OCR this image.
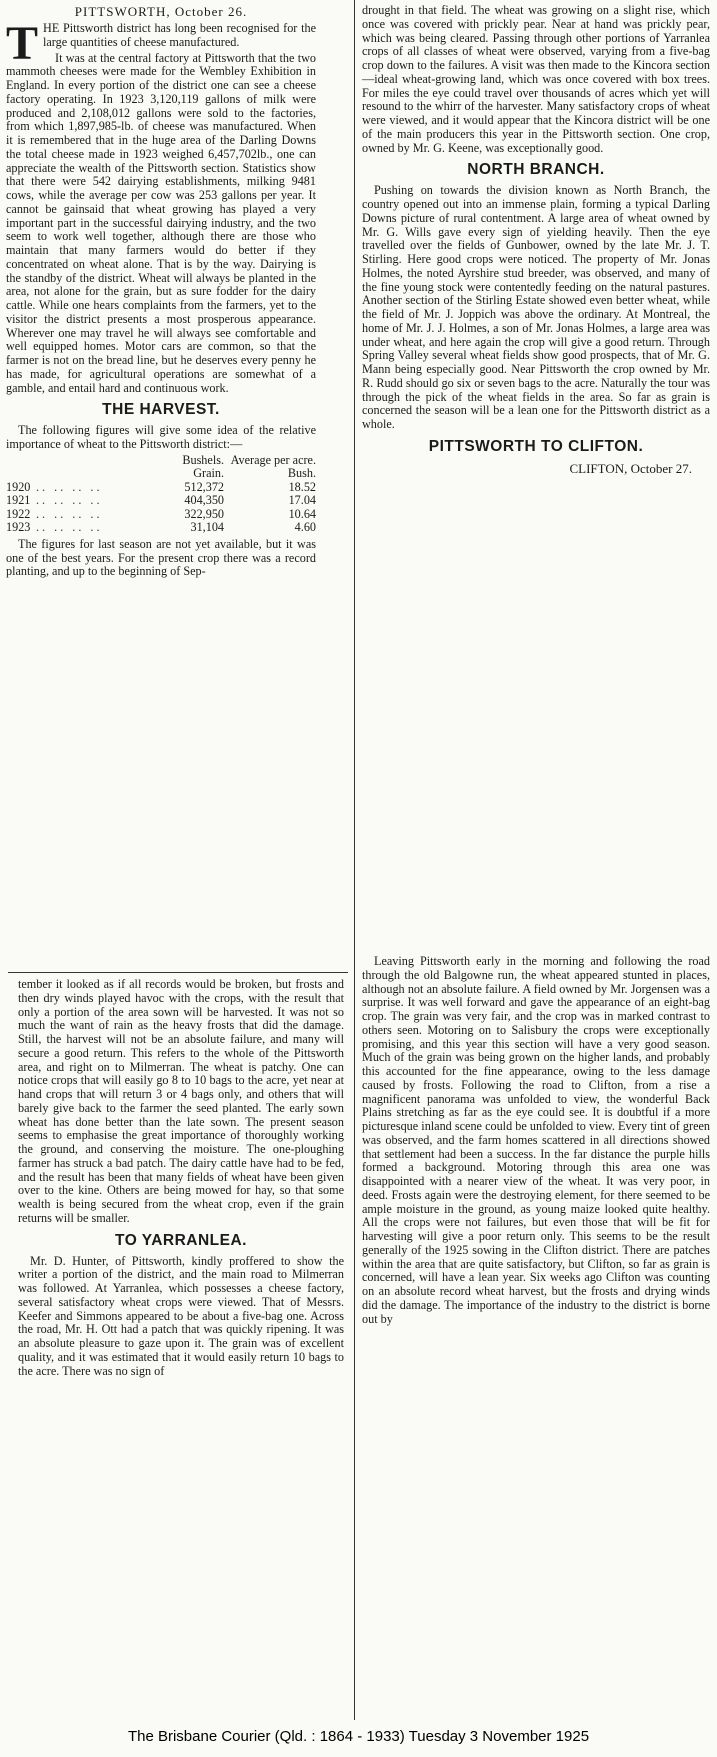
PITTSWORTH, October 26.
T HE Pittsworth district has long been recognised for the large quantities of cheese manufactured.

It was at the central factory at Pittsworth that the two mammoth cheeses were made for the Wembley Exhibition in England. In every portion of the district one can see a cheese factory operating. In 1923 3,120,119 gallons of milk were produced and 2,108,012 gallons were sold to the factories, from which 1,897,985-lb. of cheese was manufactured. When it is remembered that in the huge area of the Darling Downs the total cheese made in 1923 weighed 6,457,702lb., one can appreciate the wealth of the Pittsworth section. Statistics show that there were 542 dairying establishments, milking 9481 cows, while the average per cow was 253 gallons per year. It cannot be gainsaid that wheat growing has played a very important part in the successful dairying industry, and the two seem to work well together, although there are those who maintain that many farmers would do better if they concentrated on wheat alone. That is by the way. Dairying is the standby of the district. Wheat will always be planted in the area, not alone for the grain, but as sure fodder for the dairy cattle. While one hears complaints from the farmers, yet to the visitor the district presents a most prosperous appearance. Wherever one may travel he will always see comfortable and well equipped homes. Motor cars are common, so that the farmer is not on the bread line, but he deserves every penny he has made, for agricultural operations are somewhat of a gamble, and entail hard and continuous work.

THE HARVEST.

The following figures will give some idea of the relative importance of wheat to the Pittsworth district:—

		Bushels. Grain.	Average per acre. Bush.
1920	.. .. .. ..	512,372	18.52
1921	.. .. .. ..	404,350	17.04
1922	.. .. .. ..	322,950	10.64
1923	.. .. .. ..	31,104	4.60

The figures for last season are not yet available, but it was one of the best years. For the present crop there was a record planting, and up to the beginning of Sep-

drought in that field. The wheat was growing on a slight rise, which once was covered with prickly pear. Near at hand was prickly pear, which was being cleared. Passing through other portions of Yarranlea crops of all classes of wheat were observed, varying from a five-bag crop down to the failures. A visit was then made to the Kincora section—ideal wheat-growing land, which was once covered with box trees. For miles the eye could travel over thousands of acres which yet will resound to the whirr of the harvester. Many satisfactory crops of wheat were viewed, and it would appear that the Kincora district will be one of the main producers this year in the Pittsworth section. One crop, owned by Mr. G. Keene, was exceptionally good.

NORTH BRANCH.

Pushing on towards the division known as North Branch, the country opened out into an immense plain, forming a typical Darling Downs picture of rural contentment. A large area of wheat owned by Mr. G. Wills gave every sign of yielding heavily. Then the eye travelled over the fields of Gunbower, owned by the late Mr. J. T. Stirling. Here good crops were noticed. The property of Mr. Jonas Holmes, the noted Ayrshire stud breeder, was observed, and many of the fine young stock were contentedly feeding on the natural pastures. Another section of the Stirling Estate showed even better wheat, while the field of Mr. J. Joppich was above the ordinary. At Montreal, the home of Mr. J. J. Holmes, a son of Mr. Jonas Holmes, a large area was under wheat, and here again the crop will give a good return. Through Spring Valley several wheat fields show good prospects, that of Mr. G. Mann being especially good. Near Pittsworth the crop owned by Mr. R. Rudd should go six or seven bags to the acre. Naturally the tour was through the pick of the wheat fields in the area. So far as grain is concerned the season will be a lean one for the Pittsworth district as a whole.

PITTSWORTH TO CLIFTON.
CLIFTON, October 27.

tember it looked as if all records would be broken, but frosts and then dry winds played havoc with the crops, with the result that only a portion of the area sown will be harvested. It was not so much the want of rain as the heavy frosts that did the damage. Still, the harvest will not be an absolute failure, and many will secure a good return. This refers to the whole of the Pittsworth area, and right on to Milmerran. The wheat is patchy. One can notice crops that will easily go 8 to 10 bags to the acre, yet near at hand crops that will return 3 or 4 bags only, and others that will barely give back to the farmer the seed planted. The early sown wheat has done better than the late sown. The present season seems to emphasise the great importance of thoroughly working the ground, and conserving the moisture. The one-ploughing farmer has struck a bad patch. The dairy cattle have had to be fed, and the result has been that many fields of wheat have been given over to the kine. Others are being mowed for hay, so that some wealth is being secured from the wheat crop, even if the grain returns will be smaller.

TO YARRANLEA.

Mr. D. Hunter, of Pittsworth, kindly proffered to show the writer a portion of the district, and the main road to Milmerran was followed. At Yarranlea, which possesses a cheese factory, several satisfactory wheat crops were viewed. That of Messrs. Keefer and Simmons appeared to be about a five-bag one. Across the road, Mr. H. Ott had a patch that was quickly ripening. It was an absolute pleasure to gaze upon it. The grain was of excellent quality, and it was estimated that it would easily return 10 bags to the acre. There was no sign of

Leaving Pittsworth early in the morning and following the road through the old Balgowne run, the wheat appeared stunted in places, although not an absolute failure. A field owned by Mr. Jorgensen was a surprise. It was well forward and gave the appearance of an eight-bag crop. The grain was very fair, and the crop was in marked contrast to others seen. Motoring on to Salisbury the crops were exceptionally promising, and this year this section will have a very good season. Much of the grain was being grown on the higher lands, and probably this accounted for the fine appearance, owing to the less damage caused by frosts. Following the road to Clifton, from a rise a magnificent panorama was unfolded to view, the wonderful Back Plains stretching as far as the eye could see. It is doubtful if a more picturesque inland scene could be unfolded to view. Every tint of green was observed, and the farm homes scattered in all directions showed that settlement had been a success. In the far distance the purple hills formed a background. Motoring through this area one was disappointed with a nearer view of the wheat. It was very poor, in deed. Frosts again were the destroying element, for there seemed to be ample moisture in the ground, as young maize looked quite healthy. All the crops were not failures, but even those that will be fit for harvesting will give a poor return only. This seems to be the result generally of the 1925 sowing in the Clifton district. There are patches within the area that are quite satisfactory, but Clifton, so far as grain is concerned, will have a lean year. Six weeks ago Clifton was counting on an absolute record wheat harvest, but the frosts and drying winds did the damage. The importance of the industry to the district is borne out by

The Brisbane Courier (Qld. : 1864 - 1933) Tuesday 3 November 1925
